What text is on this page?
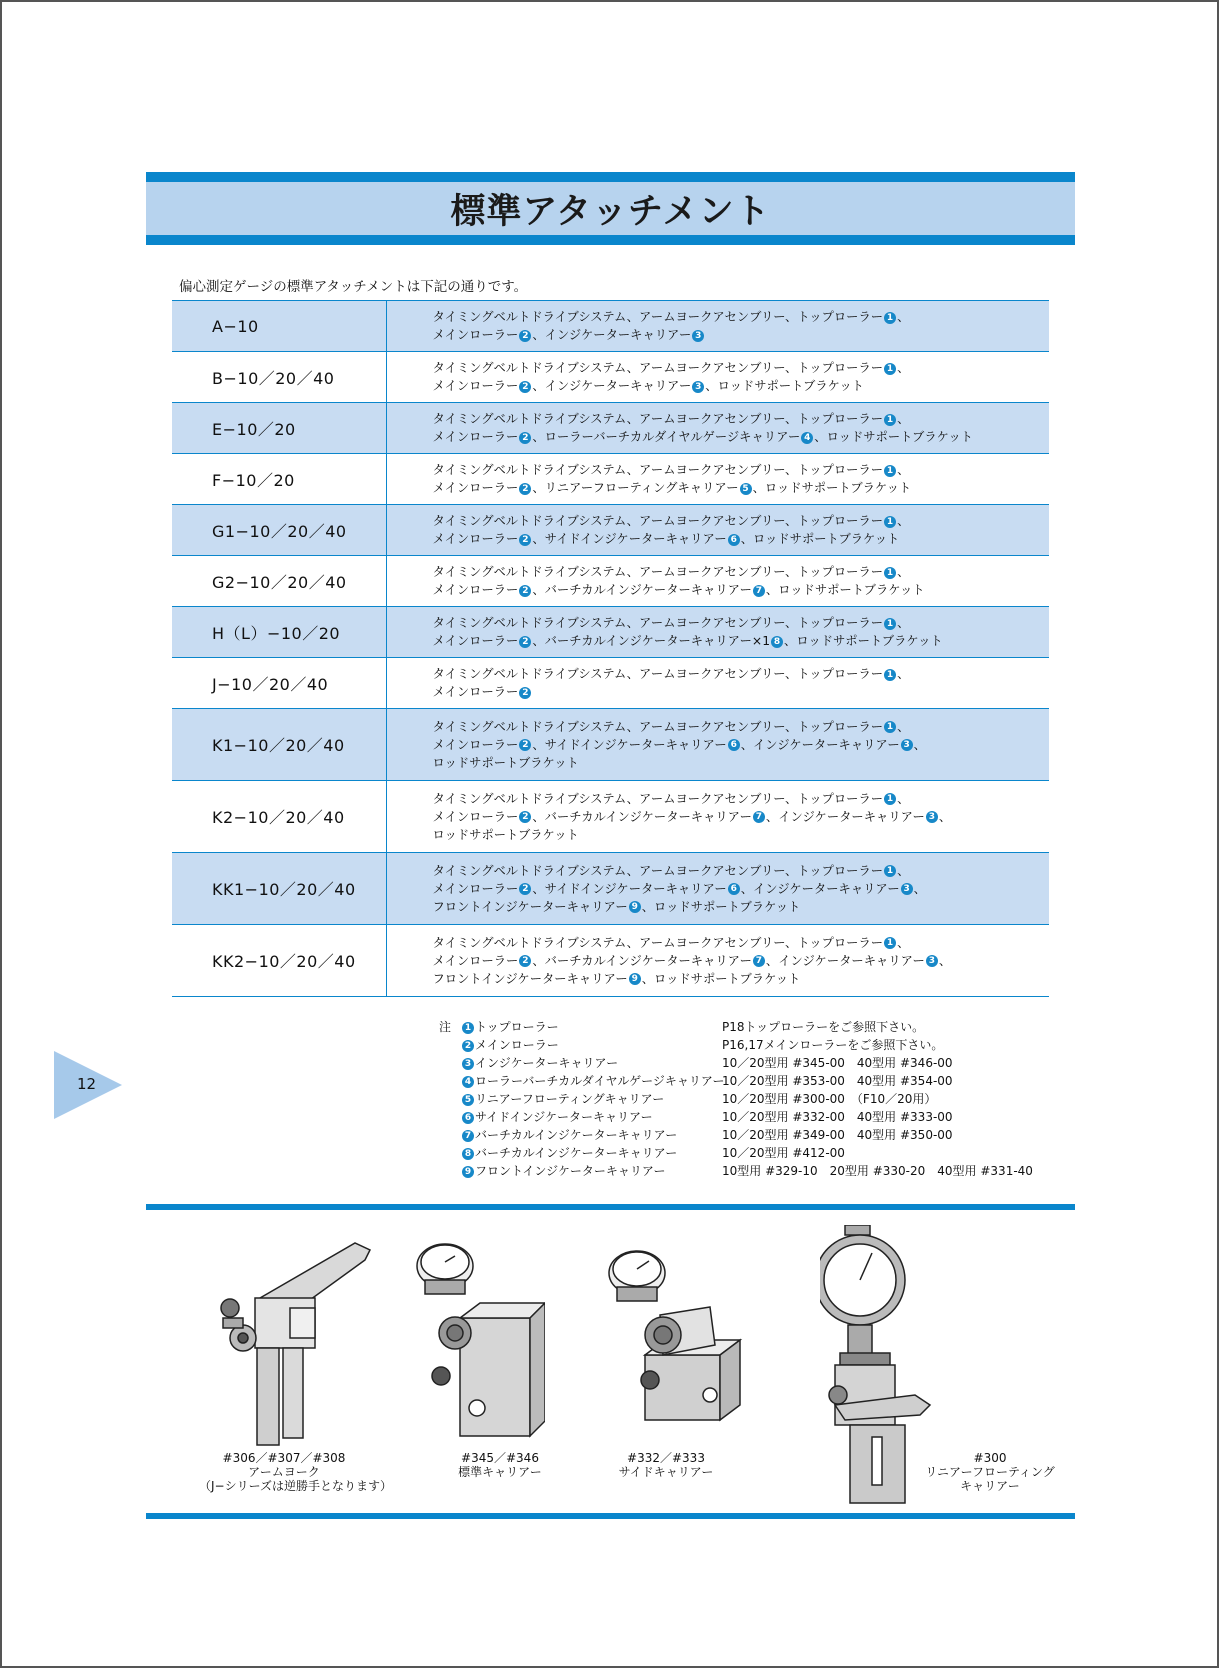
標準アタッチメント
偏心測定ゲージの標準アタッチメントは下記の通りです。
A−10	タイミングベルトドライブシステム、アームヨークアセンブリー、トップローラー 1 、
メインローラー 2 、インジケーターキャリアー 3

B−10／20／40	タイミングベルトドライブシステム、アームヨークアセンブリー、トップローラー 1 、
メインローラー 2 、インジケーターキャリアー 3 、ロッドサポートブラケット

E−10／20	タイミングベルトドライブシステム、アームヨークアセンブリー、トップローラー 1 、
メインローラー 2 、ローラーバーチカルダイヤルゲージキャリアー 4 、ロッドサポートブラケット

F−10／20	タイミングベルトドライブシステム、アームヨークアセンブリー、トップローラー 1 、
メインローラー 2 、リニアーフローティングキャリアー 5 、ロッドサポートブラケット

G1−10／20／40	タイミングベルトドライブシステム、アームヨークアセンブリー、トップローラー 1 、
メインローラー 2 、サイドインジケーターキャリアー 6 、ロッドサポートブラケット

G2−10／20／40	タイミングベルトドライブシステム、アームヨークアセンブリー、トップローラー 1 、
メインローラー 2 、バーチカルインジケーターキャリアー 7 、ロッドサポートブラケット

H（L）−10／20	タイミングベルトドライブシステム、アームヨークアセンブリー、トップローラー 1 、
メインローラー 2 、バーチカルインジケーターキャリアー×1 8 、ロッドサポートブラケット

J−10／20／40	タイミングベルトドライブシステム、アームヨークアセンブリー、トップローラー 1 、
メインローラー 2

K1−10／20／40	タイミングベルトドライブシステム、アームヨークアセンブリー、トップローラー 1 、
メインローラー 2 、サイドインジケーターキャリアー 6 、インジケーターキャリアー 3 、
ロッドサポートブラケット

K2−10／20／40	タイミングベルトドライブシステム、アームヨークアセンブリー、トップローラー 1 、
メインローラー 2 、バーチカルインジケーターキャリアー 7 、インジケーターキャリアー 3 、
ロッドサポートブラケット

KK1−10／20／40	タイミングベルトドライブシステム、アームヨークアセンブリー、トップローラー 1 、
メインローラー 2 、サイドインジケーターキャリアー 6 、インジケーターキャリアー 3 、
フロントインジケーターキャリアー 9 、ロッドサポートブラケット

KK2−10／20／40	タイミングベルトドライブシステム、アームヨークアセンブリー、トップローラー 1 、
メインローラー 2 、バーチカルインジケーターキャリアー 7 、インジケーターキャリアー 3 、
フロントインジケーターキャリアー 9 、ロッドサポートブラケット
12
注	1 トップローラー	P18トップローラーをご参照下さい。
2 メインローラー	P16,17メインローラーをご参照下さい。
3 インジケーターキャリアー	10／20型用 #345-00　40型用 #346-00
4 ローラーバーチカルダイヤルゲージキャリアー
10／20型用 #353-00　40型用 #354-00
5 リニアーフローティングキャリアー	10／20型用 #300-00　（F10／20用）
6 サイドインジケーターキャリアー	10／20型用 #332-00　40型用 #333-00
7 バーチカルインジケーターキャリアー	10／20型用 #349-00　40型用 #350-00
8 バーチカルインジケーターキャリアー	10／20型用 #412-00
9 フロントインジケーターキャリアー	10型用 #329-10　20型用 #330-20　40型用 #331-40
#306／#307／#308
アームヨーク
（J−シリーズは逆勝手となります）
#345／#346
標準キャリアー
#332／#333
サイドキャリアー
#300
リニアーフローティング
キャリアー
